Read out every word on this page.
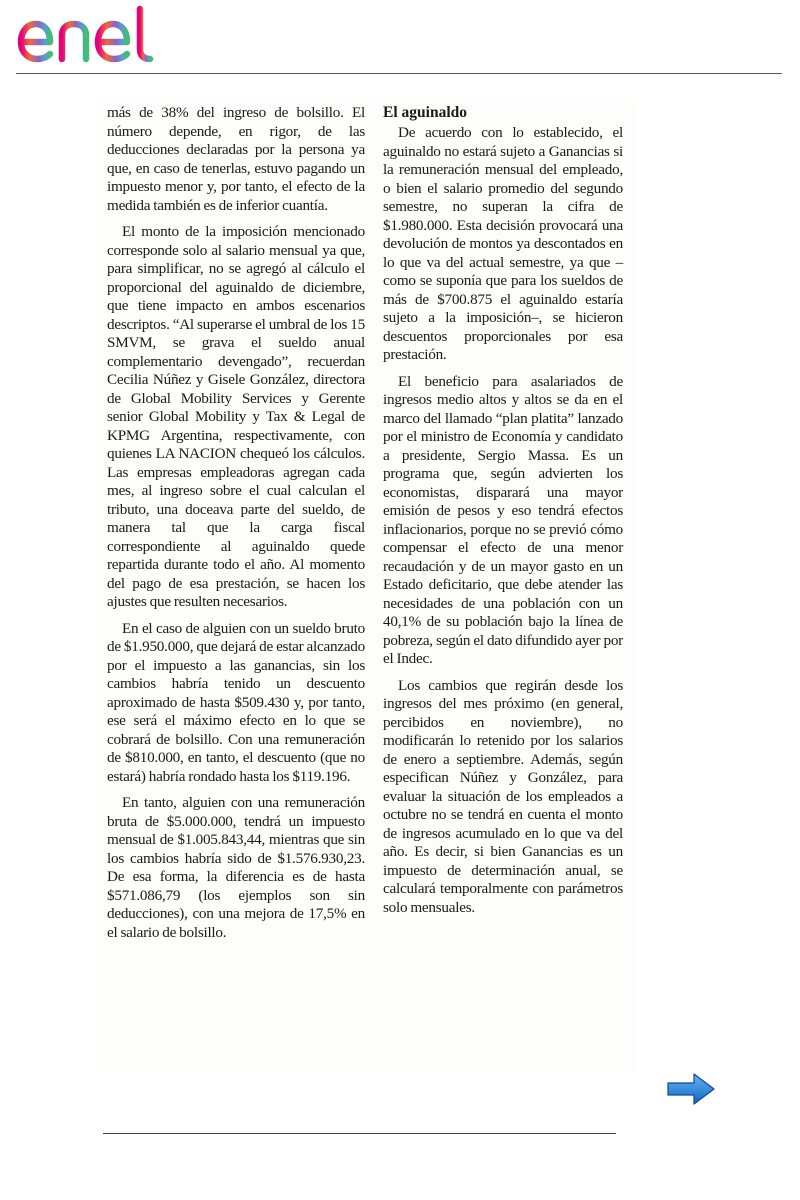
más de 38% del ingreso de bolsillo. El número depende, en rigor, de las deducciones declaradas por la persona ya que, en caso de tenerlas, estuvo pagando un impuesto menor y, por tanto, el efecto de la medida también es de inferior cuantía.

El monto de la imposición mencionado corresponde solo al salario mensual ya que, para simplificar, no se agregó al cálculo el proporcional del aguinaldo de diciembre, que tiene impacto en ambos escenarios descriptos. “Al superarse el umbral de los 15 SMVM, se grava el sueldo anual complementario devengado”, recuerdan Cecilia Núñez y Gisele González, directora de Global Mobility Services y Gerente senior Global Mobility y Tax & Legal de KPMG Argentina, respectivamente, con quienes LA NACION chequeó los cálculos. Las empresas empleadoras agregan cada mes, al ingreso sobre el cual calculan el tributo, una doceava parte del sueldo, de manera tal que la carga fiscal correspondiente al aguinaldo quede repartida durante todo el año. Al momento del pago de esa prestación, se hacen los ajustes que resulten necesarios.

En el caso de alguien con un sueldo bruto de $1.950.000, que dejará de estar alcanzado por el impuesto a las ganancias, sin los cambios habría tenido un descuento aproximado de hasta $509.430 y, por tanto, ese será el máximo efecto en lo que se cobrará de bolsillo. Con una remuneración de $810.000, en tanto, el descuento (que no estará) habría rondado hasta los $119.196.

En tanto, alguien con una remuneración bruta de $5.000.000, tendrá un impuesto mensual de $1.005.843,44, mientras que sin los cambios habría sido de $1.576.930,23. De esa forma, la diferencia es de hasta $571.086,79 (los ejemplos son sin deducciones), con una mejora de 17,5% en el salario de bolsillo.

El aguinaldo

De acuerdo con lo establecido, el aguinaldo no estará sujeto a Ganancias si la remuneración mensual del empleado, o bien el salario promedio del segundo semestre, no superan la cifra de $1.980.000. Esta decisión provocará una devolución de montos ya descontados en lo que va del actual semestre, ya que –como se suponía que para los sueldos de más de $700.875 el aguinaldo estaría sujeto a la imposición–, se hicieron descuentos proporcionales por esa prestación.

El beneficio para asalariados de ingresos medio altos y altos se da en el marco del llamado “plan platita” lanzado por el ministro de Economía y candidato a presidente, Sergio Massa. Es un programa que, según advierten los economistas, disparará una mayor emisión de pesos y eso tendrá efectos inflacionarios, porque no se previó cómo compensar el efecto de una menor recaudación y de un mayor gasto en un Estado deficitario, que debe atender las necesidades de una población con un 40,1% de su población bajo la línea de pobreza, según el dato difundido ayer por el Indec.

Los cambios que regirán desde los ingresos del mes próximo (en general, percibidos en noviembre), no modificarán lo retenido por los salarios de enero a septiembre. Además, según especifican Núñez y González, para evaluar la situación de los empleados a octubre no se tendrá en cuenta el monto de ingresos acumulado en lo que va del año. Es decir, si bien Ganancias es un impuesto de determinación anual, se calculará temporalmente con parámetros solo mensuales.
